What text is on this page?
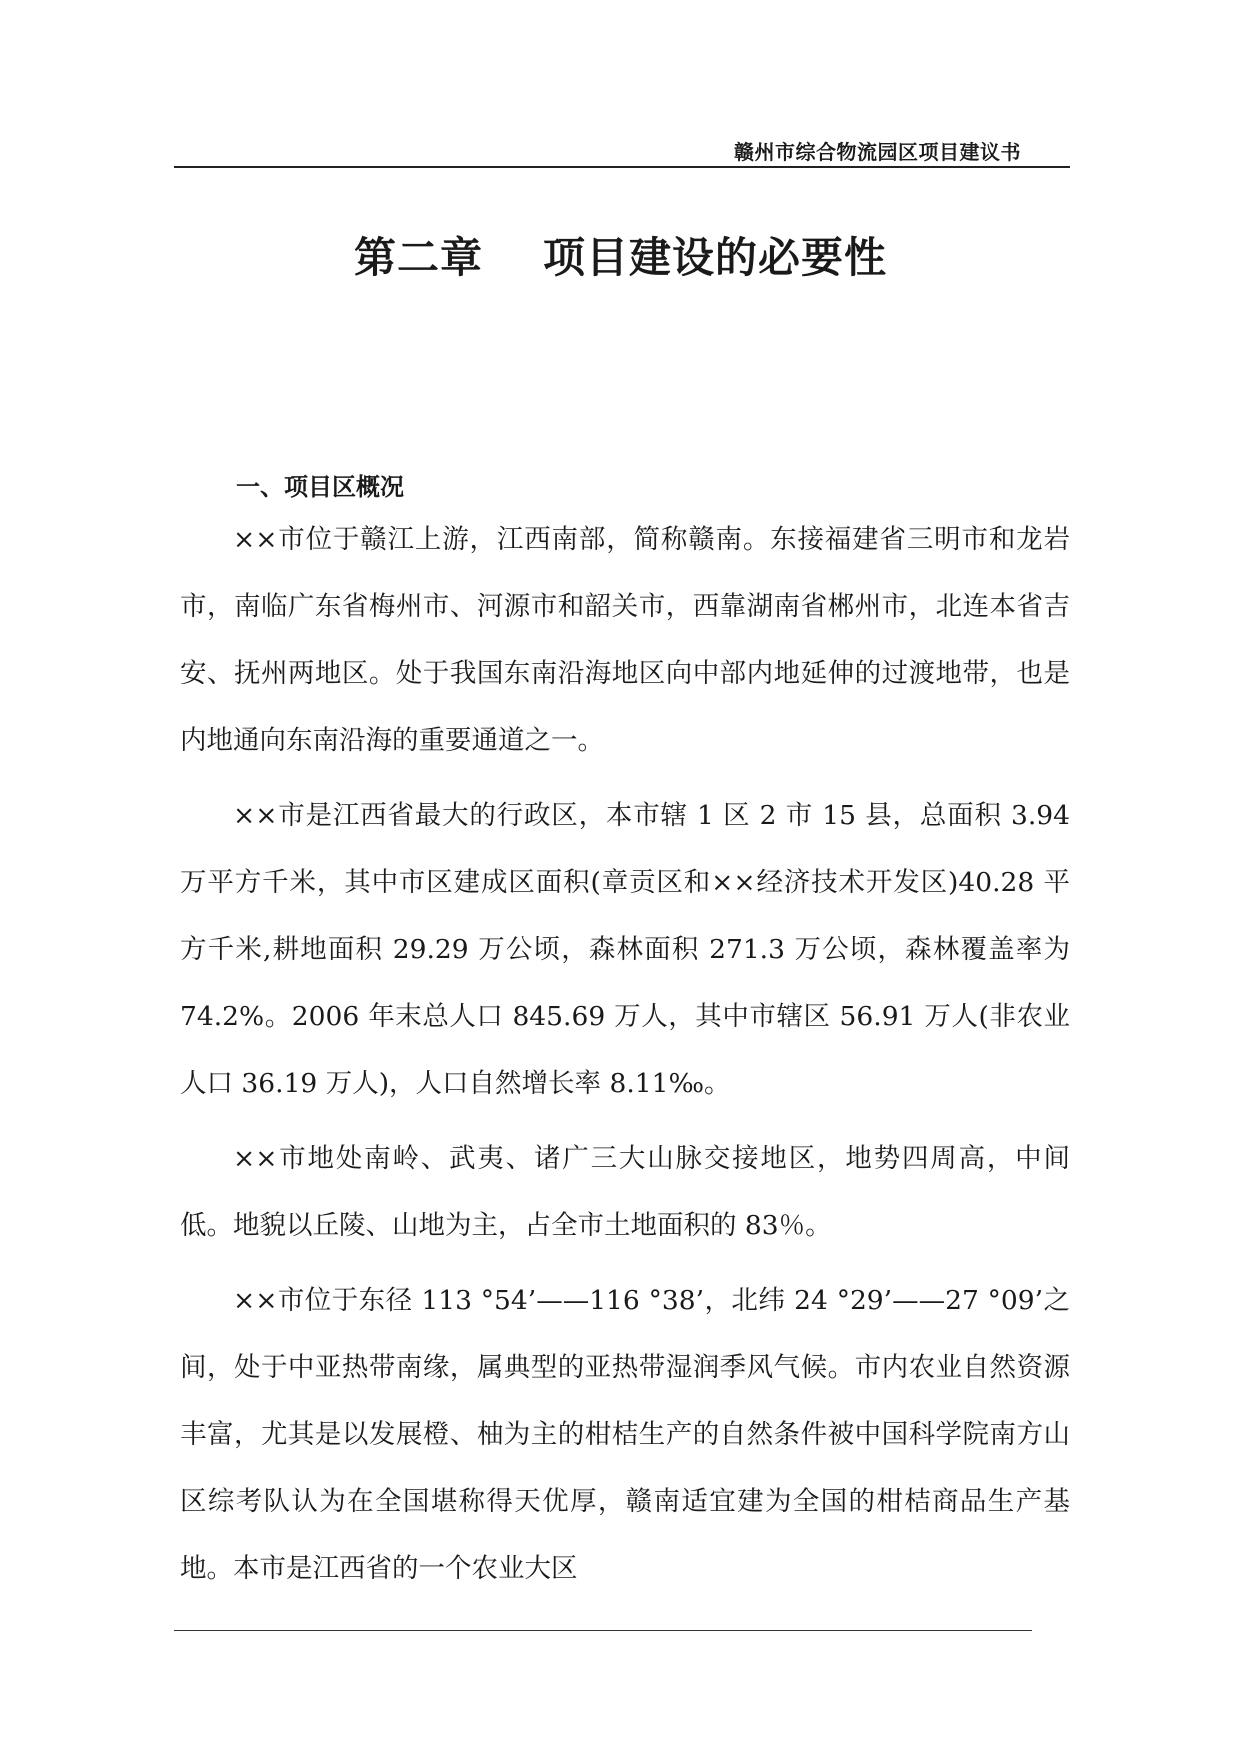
赣州市综合物流园区项目建议书
第二章 项目建设的必要性
一、项目区概况

××市位于赣江上游，江西南部，简称赣南。东接福建省三明市和龙岩市，南临广东省梅州市、河源市和韶关市，西靠湖南省郴州市，北连本省吉安、抚州两地区。处于我国东南沿海地区向中部内地延伸的过渡地带，也是内地通向东南沿海的重要通道之一。

××市是江西省最大的行政区，本市辖 1 区 2 市 15 县，总面积 3.94 万平方千米，其中市区建成区面积(章贡区和××经济技术开发区)40.28 平方千米,耕地面积 29.29 万公顷，森林面积 271.3 万公顷，森林覆盖率为 74.2%。2006 年末总人口 845.69 万人，其中市辖区 56.91 万人(非农业人口 36.19 万人)，人口自然增长率 8.11‰。

××市地处南岭、武夷、诸广三大山脉交接地区，地势四周高，中间低。地貌以丘陵、山地为主，占全市土地面积的 83％。

××市位于东径 113 °54’——116 °38’，北纬 24 °29’——27 °09’之间，处于中亚热带南缘，属典型的亚热带湿润季风气候。市内农业自然资源丰富，尤其是以发展橙、柚为主的柑桔生产的自然条件被中国科学院南方山区综考队认为在全国堪称得天优厚，赣南适宜建为全国的柑桔商品生产基地。本市是江西省的一个农业大区
